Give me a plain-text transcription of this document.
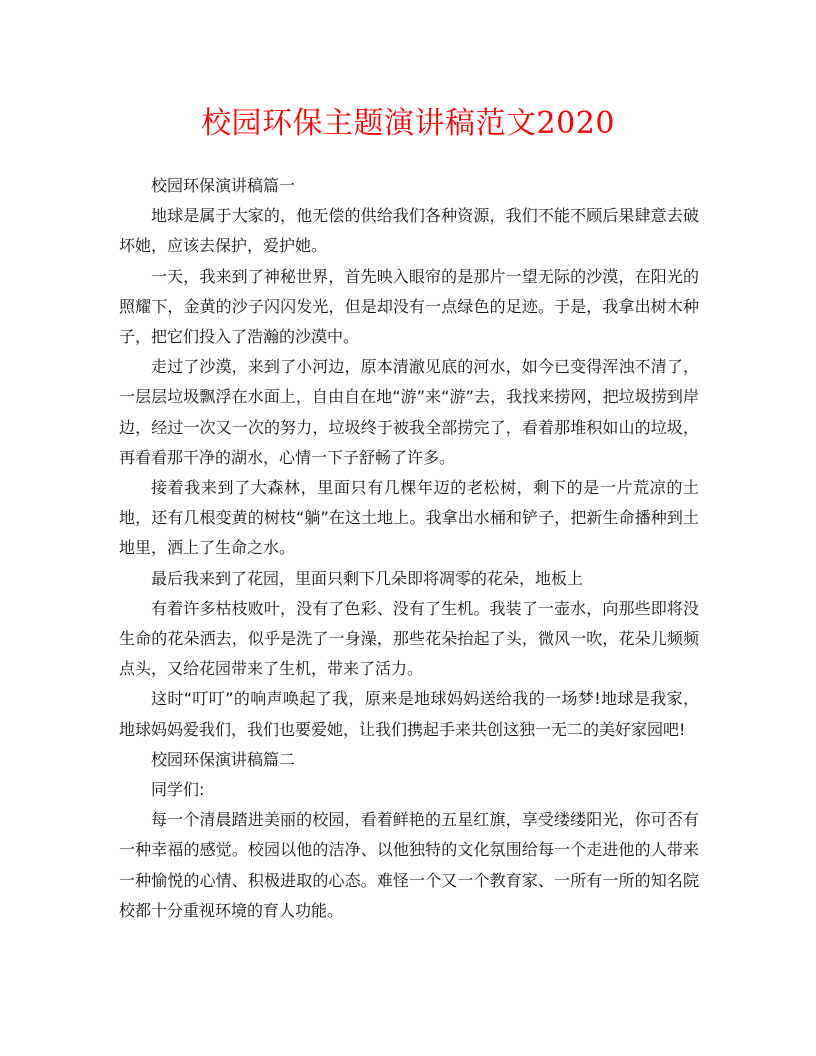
校园环保主题演讲稿范文2020

校园环保演讲稿篇一

地球是属于大家的，他无偿的供给我们各种资源，我们不能不顾后果肆意去破坏她，应该去保护，爱护她。

一天，我来到了神秘世界，首先映入眼帘的是那片一望无际的沙漠，在阳光的照耀下，金黄的沙子闪闪发光，但是却没有一点绿色的足迹。于是，我拿出树木种子，把它们投入了浩瀚的沙漠中。

走过了沙漠，来到了小河边，原本清澈见底的河水，如今已变得浑浊不清了，一层层垃圾飘浮在水面上，自由自在地“游”来“游”去，我找来捞网，把垃圾捞到岸边，经过一次又一次的努力，垃圾终于被我全部捞完了，看着那堆积如山的垃圾，再看看那干净的湖水，心情一下子舒畅了许多。

接着我来到了大森林，里面只有几棵年迈的老松树，剩下的是一片荒凉的土地，还有几根变黄的树枝“躺”在这土地上。我拿出水桶和铲子，把新生命播种到土地里，洒上了生命之水。

最后我来到了花园，里面只剩下几朵即将凋零的花朵，地板上

有着许多枯枝败叶，没有了色彩、没有了生机。我装了一壶水，向那些即将没生命的花朵洒去，似乎是洗了一身澡，那些花朵抬起了头，微风一吹，花朵儿频频点头，又给花园带来了生机，带来了活力。

这时“叮叮”的响声唤起了我，原来是地球妈妈送给我的一场梦!地球是我家，地球妈妈爱我们，我们也要爱她，让我们携起手来共创这独一无二的美好家园吧!

校园环保演讲稿篇二

同学们:

每一个清晨踏进美丽的校园，看着鲜艳的五星红旗，享受缕缕阳光，你可否有一种幸福的感觉。校园以他的洁净、以他独特的文化氛围给每一个走进他的人带来一种愉悦的心情、积极进取的心态。难怪一个又一个教育家、一所有一所的知名院校都十分重视环境的育人功能。
